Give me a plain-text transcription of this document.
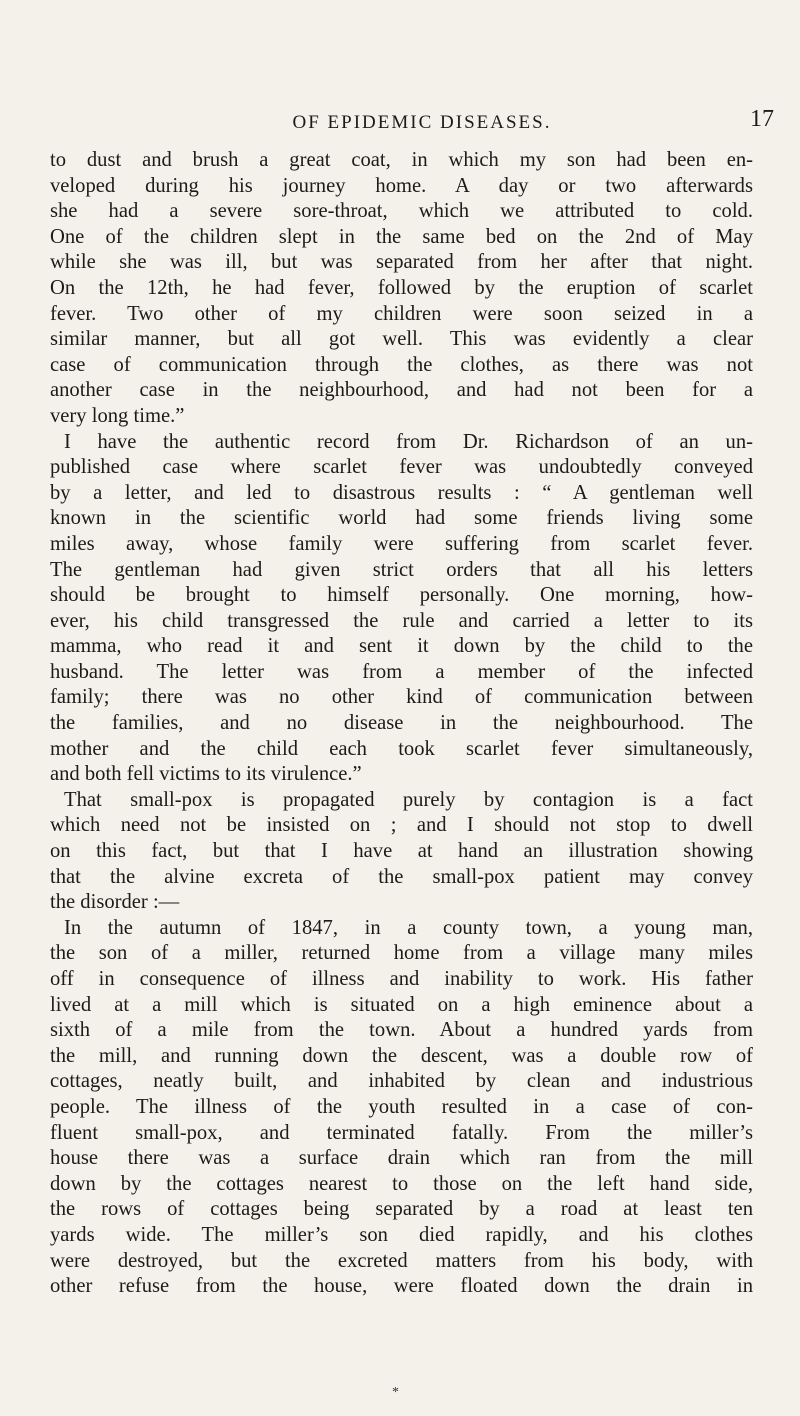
OF EPIDEMIC DISEASES.	17
to dust and brush a great coat, in which my son had been en-
veloped during his journey home. A day or two afterwards
she had a severe sore-throat, which we attributed to cold.
One of the children slept in the same bed on the 2nd of May
while she was ill, but was separated from her after that night.
On the 12th, he had fever, followed by the eruption of scarlet
fever. Two other of my children were soon seized in a
similar manner, but all got well. This was evidently a clear
case of communication through the clothes, as there was not
another case in the neighbourhood, and had not been for a
very long time.”
I have the authentic record from Dr. Richardson of an un-
published case where scarlet fever was undoubtedly conveyed
by a letter, and led to disastrous results : “ A gentleman well
known in the scientific world had some friends living some
miles away, whose family were suffering from scarlet fever.
The gentleman had given strict orders that all his letters
should be brought to himself personally. One morning, how-
ever, his child transgressed the rule and carried a letter to its
mamma, who read it and sent it down by the child to the
husband. The letter was from a member of the infected
family; there was no other kind of communication between
the families, and no disease in the neighbourhood. The
mother and the child each took scarlet fever simultaneously,
and both fell victims to its virulence.”
That small-pox is propagated purely by contagion is a fact
which need not be insisted on ; and I should not stop to dwell
on this fact, but that I have at hand an illustration showing
that the alvine excreta of the small-pox patient may convey
the disorder :—
In the autumn of 1847, in a county town, a young man,
the son of a miller, returned home from a village many miles
off in consequence of illness and inability to work. His father
lived at a mill which is situated on a high eminence about a
sixth of a mile from the town. About a hundred yards from
the mill, and running down the descent, was a double row of
cottages, neatly built, and inhabited by clean and industrious
people. The illness of the youth resulted in a case of con-
fluent small-pox, and terminated fatally. From the miller’s
house there was a surface drain which ran from the mill
down by the cottages nearest to those on the left hand side,
the rows of cottages being separated by a road at least ten
yards wide. The miller’s son died rapidly, and his clothes
were destroyed, but the excreted matters from his body, with
other refuse from the house, were floated down the drain in
*
